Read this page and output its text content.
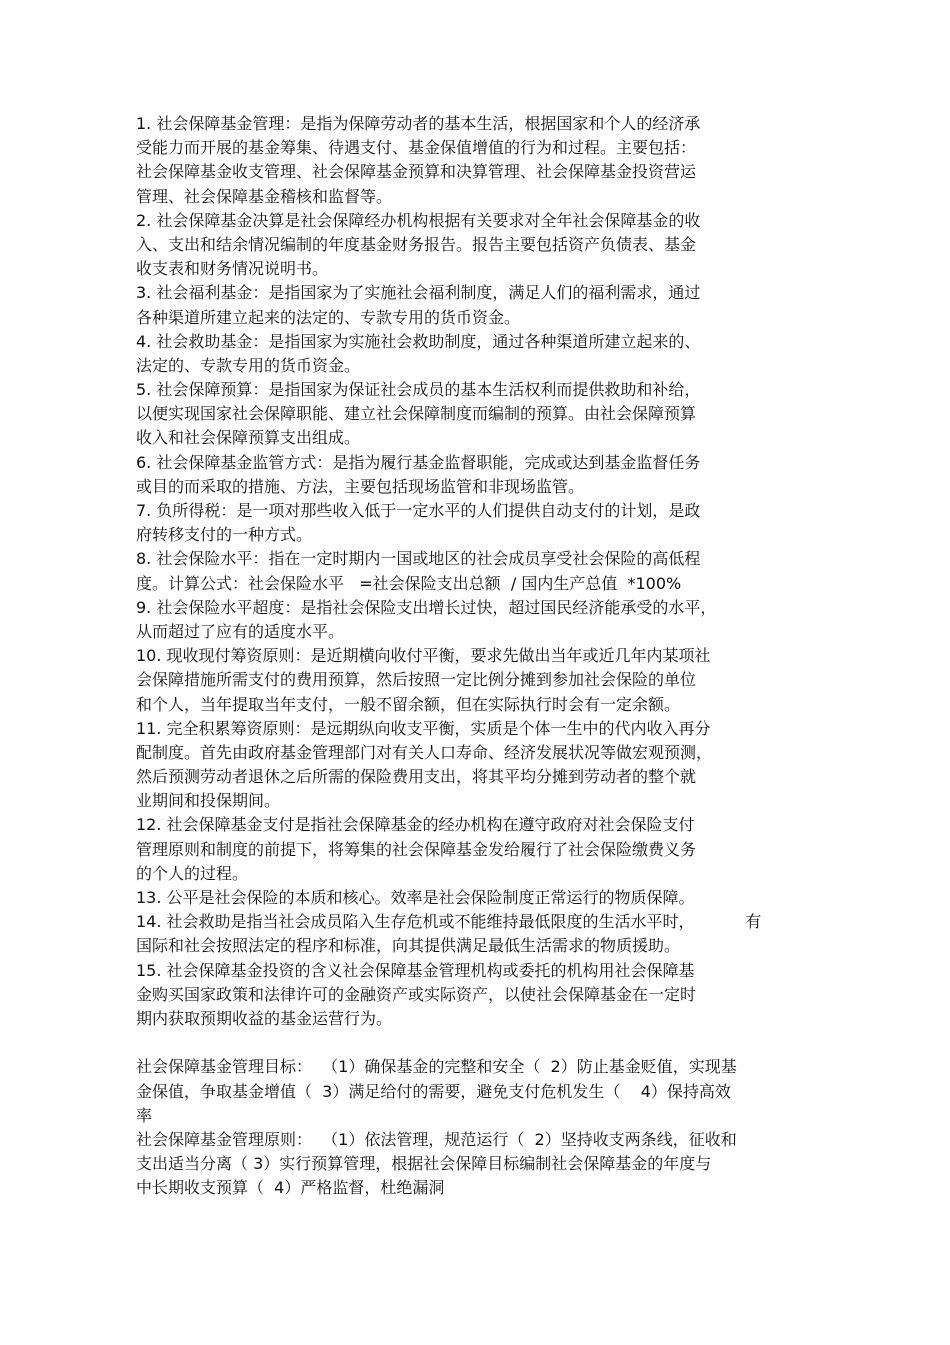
1. 社会保障基金管理：是指为保障劳动者的基本生活，根据国家和个人的经济承
受能力而开展的基金筹集、待遇支付、基金保值增值的行为和过程。主要包括：
社会保障基金收支管理、社会保障基金预算和决算管理、社会保障基金投资营运
管理、社会保障基金稽核和监督等。
2. 社会保障基金决算是社会保障经办机构根据有关要求对全年社会保障基金的收
入、支出和结余情况编制的年度基金财务报告。报告主要包括资产负债表、基金
收支表和财务情况说明书。
3. 社会福利基金：是指国家为了实施社会福利制度，满足人们的福利需求，通过
各种渠道所建立起来的法定的、专款专用的货币资金。
4. 社会救助基金：是指国家为实施社会救助制度，通过各种渠道所建立起来的、
法定的、专款专用的货币资金。
5. 社会保障预算：是指国家为保证社会成员的基本生活权利而提供救助和补给，
以便实现国家社会保障职能、建立社会保障制度而编制的预算。由社会保障预算
收入和社会保障预算支出组成。
6. 社会保障基金监管方式：是指为履行基金监督职能，完成或达到基金监督任务
或目的而采取的措施、方法，主要包括现场监管和非现场监管。
7. 负所得税：是一项对那些收入低于一定水平的人们提供自动支付的计划，是政
府转移支付的一种方式。
8. 社会保险水平：指在一定时期内一国或地区的社会成员享受社会保险的高低程
度。计算公式：社会保险水平   =社会保险支出总额  / 国内生产总值  *100%
9. 社会保险水平超度：是指社会保险支出增长过快，超过国民经济能承受的水平，
从而超过了应有的适度水平。
10. 现收现付筹资原则：是近期横向收付平衡，要求先做出当年或近几年内某项社
会保障措施所需支付的费用预算，然后按照一定比例分摊到参加社会保险的单位
和个人，当年提取当年支付，一般不留余额，但在实际执行时会有一定余额。
11. 完全积累筹资原则：是远期纵向收支平衡，实质是个体一生中的代内收入再分
配制度。首先由政府基金管理部门对有关人口寿命、经济发展状况等做宏观预测，
然后预测劳动者退休之后所需的保险费用支出，将其平均分摊到劳动者的整个就
业期间和投保期间。
12. 社会保障基金支付是指社会保障基金的经办机构在遵守政府对社会保险支付
管理原则和制度的前提下，将筹集的社会保障基金发给履行了社会保险缴费义务
的个人的过程。
13. 公平是社会保险的本质和核心。效率是社会保险制度正常运行的物质保障。
14. 社会救助是指当社会成员陷入生存危机或不能维持最低限度的生活水平时，          有
国际和社会按照法定的程序和标准，向其提供满足最低生活需求的物质援助。
15. 社会保障基金投资的含义社会保障基金管理机构或委托的机构用社会保障基
金购买国家政策和法律许可的金融资产或实际资产，以使社会保障基金在一定时
期内获取预期收益的基金运营行为。
社会保障基金管理目标：  （1）确保基金的完整和安全（  2）防止基金贬值，实现基
金保值，争取基金增值（  3）满足给付的需要，避免支付危机发生（    4）保持高效
率
社会保障基金管理原则：  （1）依法管理，规范运行（  2）坚持收支两条线，征收和
支出适当分离（ 3）实行预算管理，根据社会保障目标编制社会保障基金的年度与
中长期收支预算（  4）严格监督，杜绝漏洞
